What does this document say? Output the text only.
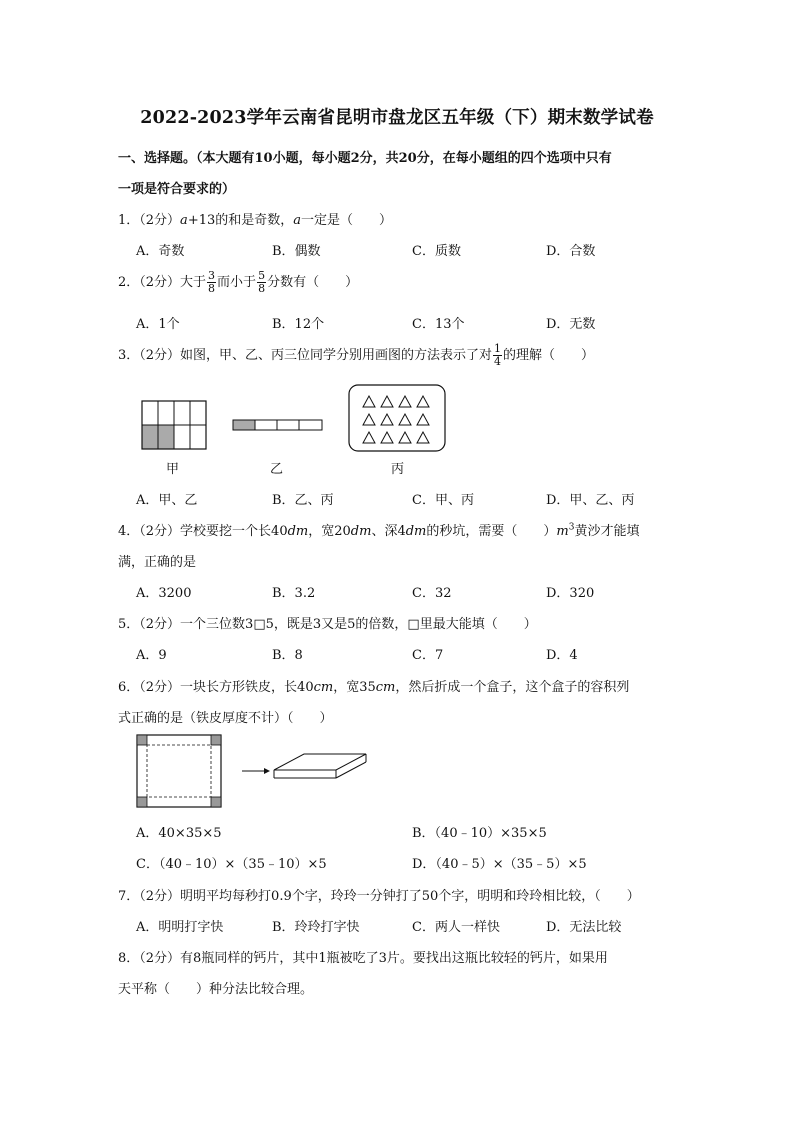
2022-2023学年云南省昆明市盘龙区五年级（下）期末数学试卷
一、选择题。（本大题有10小题，每小题2分，共20分，在每小题组的四个选项中只有
一项是符合要求的）
1．（2分）a+13的和是奇数，a一定是（　　）
A．奇数	B．偶数	C．质数	D．合数
2．（2分）大于 $\frac{3}{8}$ 而小于 $\frac{5}{8}$ 分数有（　　）
A．1个	B．12个	C．13个	D．无数
3．（2分）如图，甲、乙、丙三位同学分别用画图的方法表示了对 $\frac{1}{4}$ 的理解（　　）
甲	乙	丙
A．甲、乙	B．乙、丙	C．甲、丙	D．甲、乙、丙
4．（2分）学校要挖一个长40dm，宽20dm、深4dm的秒坑，需要（　　）$m^3$黄沙才能填
满，正确的是
A．3200	B．3.2	C．32	D．320
5．（2分）一个三位数3□5，既是3又是5的倍数，□里最大能填（　　）
A．9	B．8	C．7	D．4
6．（2分）一块长方形铁皮，长40cm，宽35cm，然后折成一个盒子，这个盒子的容积列
式正确的是（铁皮厚度不计）（　　）
A．40×35×5	B．（40﹣10）×35×5
C．（40﹣10）×（35﹣10）×5	D．（40﹣5）×（35﹣5）×5
7．（2分）明明平均每秒打0.9个字，玲玲一分钟打了50个字，明明和玲玲相比较，（　　）
A．明明打字快	B．玲玲打字快	C．两人一样快	D．无法比较
8．（2分）有8瓶同样的钙片，其中1瓶被吃了3片。要找出这瓶比较轻的钙片，如果用
天平称（　　）种分法比较合理。
